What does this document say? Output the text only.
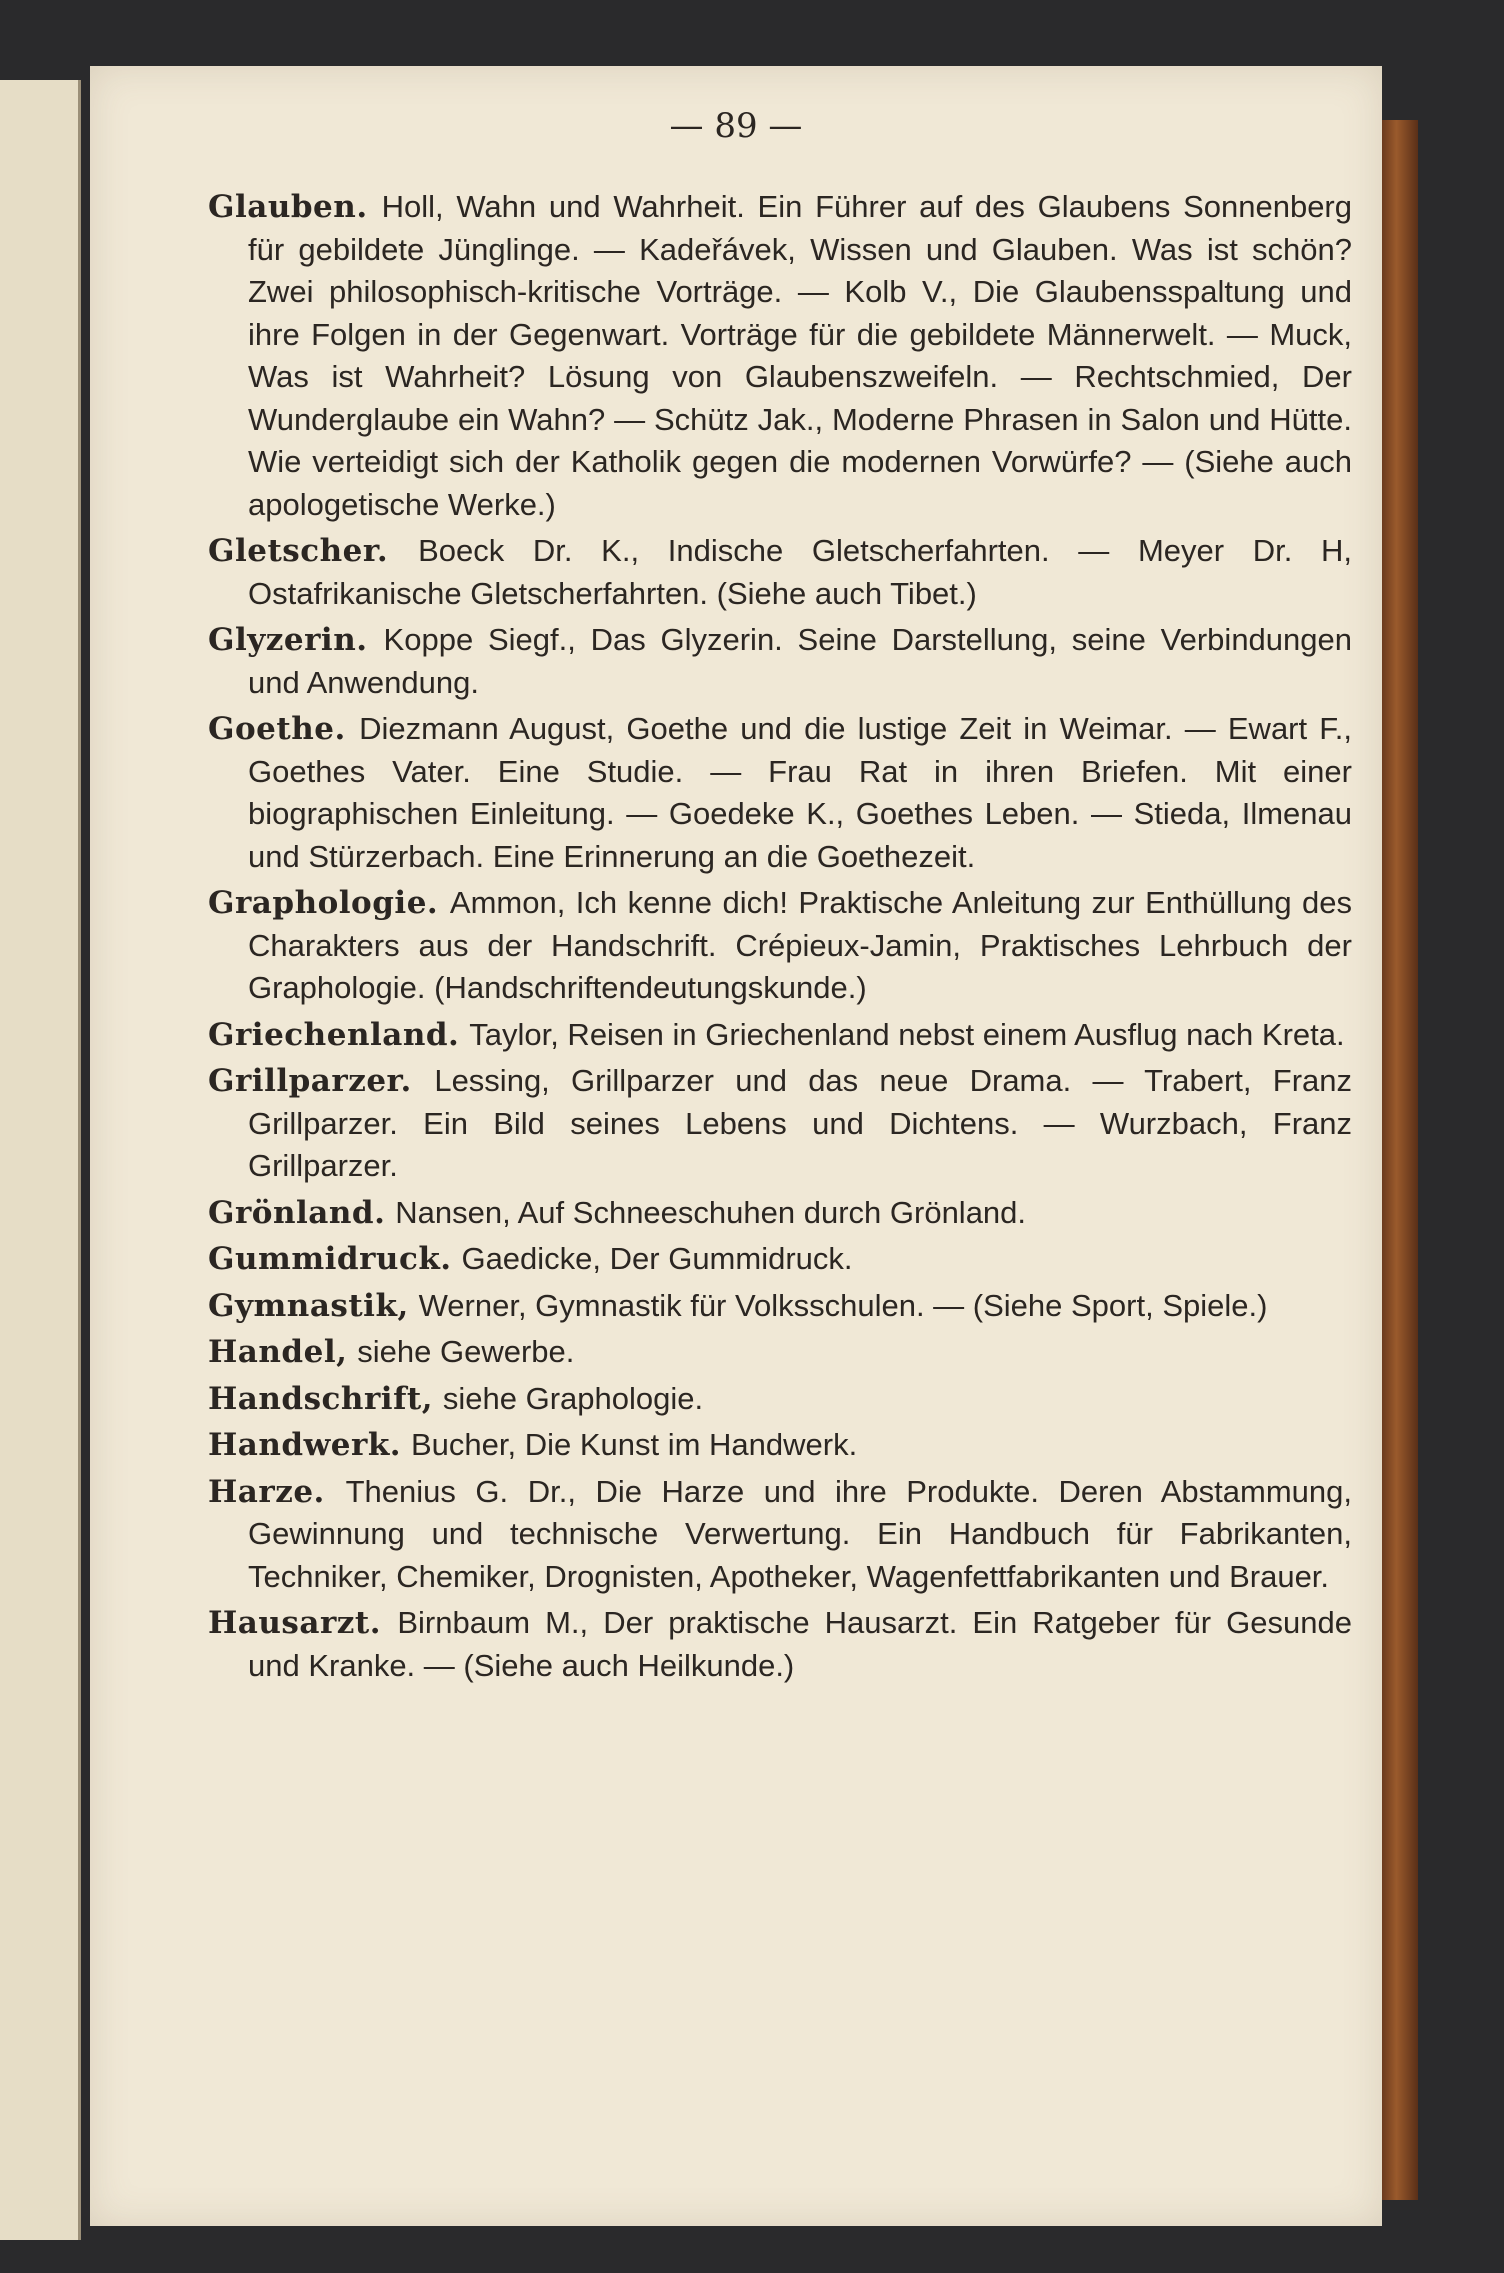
— 89 —

Glauben. Holl, Wahn und Wahrheit. Ein Führer auf des Glaubens Sonnenberg für gebildete Jünglinge. — Kadeřávek, Wissen und Glauben. Was ist schön? Zwei philosophisch-kritische Vorträge. — Kolb V., Die Glaubensspaltung und ihre Folgen in der Gegenwart. Vorträge für die gebildete Männerwelt. — Muck, Was ist Wahrheit? Lösung von Glaubenszweifeln. — Rechtschmied, Der Wunderglaube ein Wahn? — Schütz Jak., Moderne Phrasen in Salon und Hütte. Wie verteidigt sich der Katholik gegen die modernen Vorwürfe? — (Siehe auch apologetische Werke.)

Gletscher. Boeck Dr. K., Indische Gletscherfahrten. — Meyer Dr. H, Ostafrikanische Gletscherfahrten. (Siehe auch Tibet.)

Glyzerin. Koppe Siegf., Das Glyzerin. Seine Darstellung, seine Verbindungen und Anwendung.

Goethe. Diezmann August, Goethe und die lustige Zeit in Weimar. — Ewart F., Goethes Vater. Eine Studie. — Frau Rat in ihren Briefen. Mit einer biographischen Einleitung. — Goedeke K., Goethes Leben. — Stieda, Ilmenau und Stürzerbach. Eine Erinnerung an die Goethezeit.

Graphologie. Ammon, Ich kenne dich! Praktische Anleitung zur Enthüllung des Charakters aus der Handschrift. Crépieux-Jamin, Praktisches Lehrbuch der Graphologie. (Handschriftendeutungskunde.)

Griechenland. Taylor, Reisen in Griechenland nebst einem Ausflug nach Kreta.

Grillparzer. Lessing, Grillparzer und das neue Drama. — Trabert, Franz Grillparzer. Ein Bild seines Lebens und Dichtens. — Wurzbach, Franz Grillparzer.

Grönland. Nansen, Auf Schneeschuhen durch Grönland.

Gummidruck. Gaedicke, Der Gummidruck.

Gymnastik, Werner, Gymnastik für Volksschulen. — (Siehe Sport, Spiele.)

Handel, siehe Gewerbe.

Handschrift, siehe Graphologie.

Handwerk. Bucher, Die Kunst im Handwerk.

Harze. Thenius G. Dr., Die Harze und ihre Produkte. Deren Abstammung, Gewinnung und technische Verwertung. Ein Handbuch für Fabrikanten, Techniker, Chemiker, Drognisten, Apotheker, Wagenfettfabrikanten und Brauer.

Hausarzt. Birnbaum M., Der praktische Hausarzt. Ein Ratgeber für Gesunde und Kranke. — (Siehe auch Heilkunde.)
